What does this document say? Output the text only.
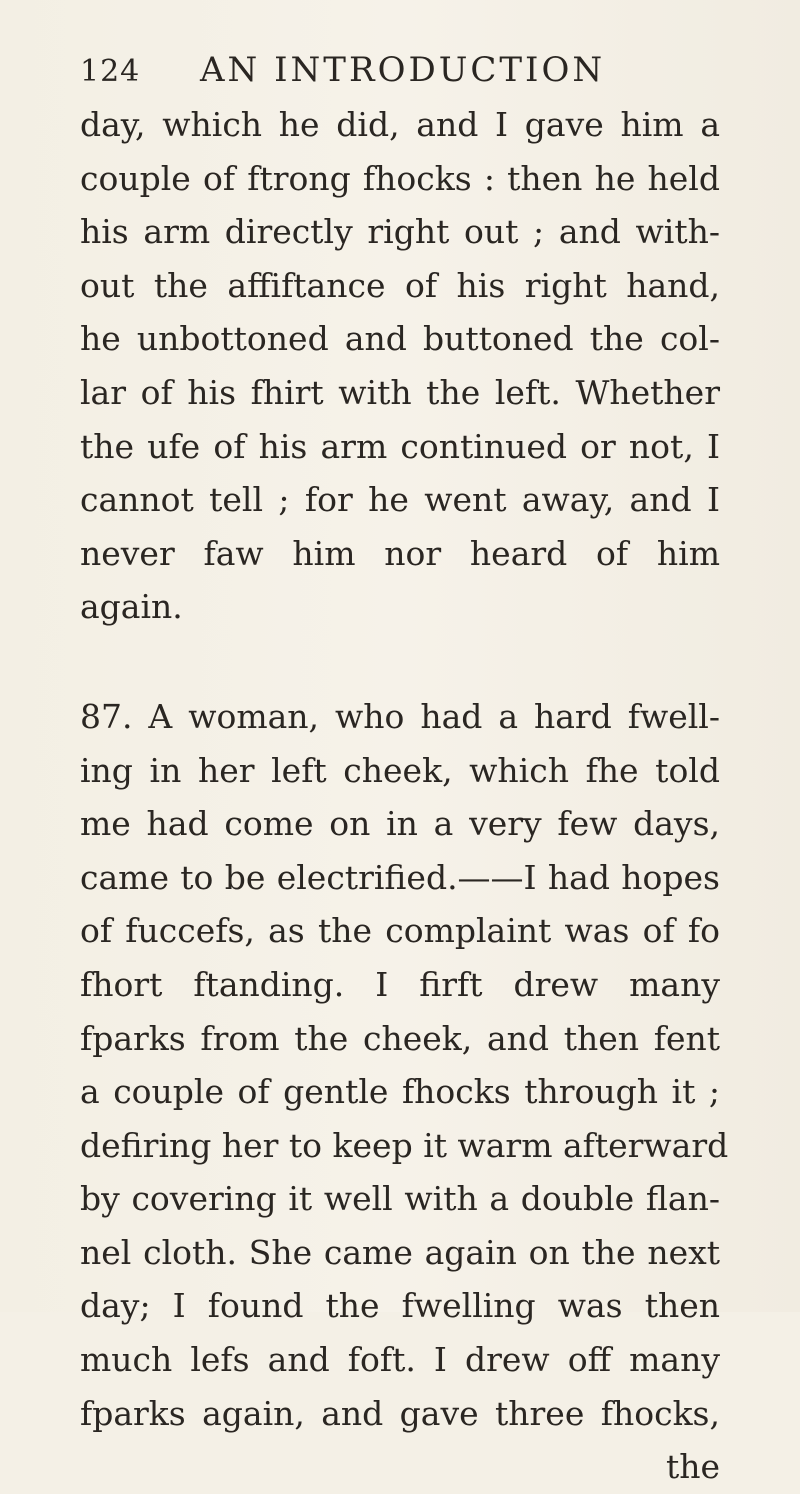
124 AN INTRODUCTION
day, which he did, and I gave him a
couple of ftrong fhocks : then he held
his arm directly right out ; and with-
out the affiftance of his right hand,
he unbottoned and buttoned the col-
lar of his fhirt with the left. Whether
the ufe of his arm continued or not, I
cannot tell ; for he went away, and I
never faw him nor heard of him
again.
87. A woman, who had a hard fwell-
ing in her left cheek, which fhe told
me had come on in a very few days,
came to be electrified.——I had hopes
of fuccefs, as the complaint was of fo
fhort ftanding. I firft drew many
fparks from the cheek, and then fent
a couple of gentle fhocks through it ;
defiring her to keep it warm afterward
by covering it well with a double flan-
nel cloth. She came again on the next
day; I found the fwelling was then
much lefs and foft. I drew off many
fparks again, and gave three fhocks,
the
